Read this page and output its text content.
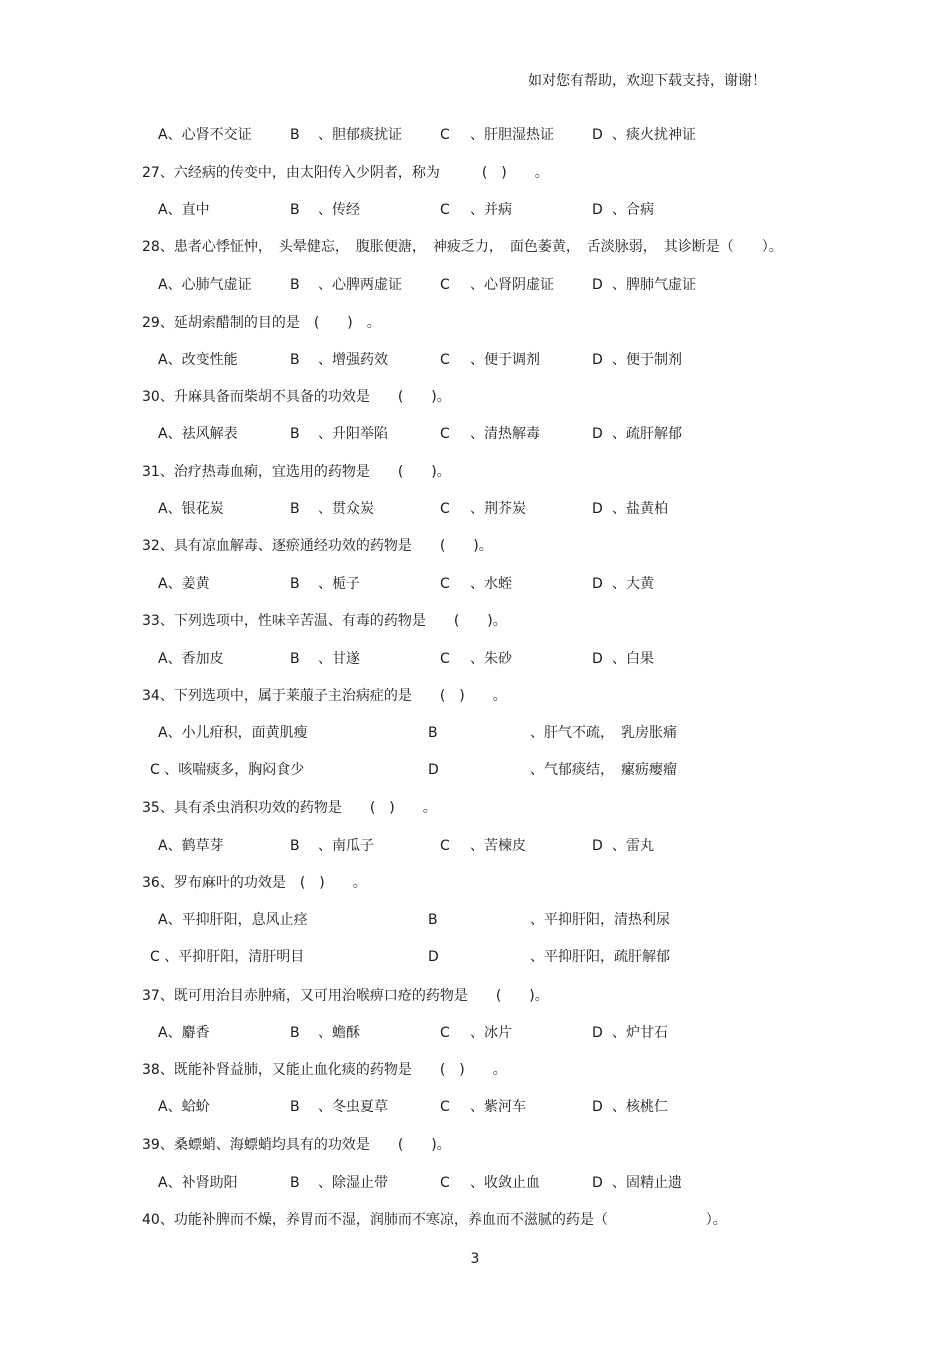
如对您有帮助，欢迎下载支持，谢谢！
A、心肾不交证	B 、胆郁痰扰证	C 、肝胆湿热证	D 、痰火扰神证
27、六经病的传变中，由太阳传入少阴者，称为　　　(　)　　。
A、直中	B 、传经	C 、并病	D 、合病
28、患者心悸怔忡，　头晕健忘，　腹胀便溏，　神疲乏力，　面色萎黄，　舌淡脉弱，　其诊断是（　　）。
A、心肺气虚证	B 、心脾两虚证	C 、心肾阴虚证	D 、脾肺气虚证
29、延胡索醋制的目的是　(　　)　。
A、改变性能	B 、增强药效	C 、便于调剂	D 、便于制剂
30、升麻具备而柴胡不具备的功效是　　(　　)。
A、祛风解表	B 、升阳举陷	C 、清热解毒	D 、疏肝解郁
31、治疗热毒血痢，宜选用的药物是　　(　　)。
A、银花炭	B 、贯众炭	C 、荆芥炭	D 、盐黄柏
32、具有凉血解毒、逐瘀通经功效的药物是　　(　　)。
A、姜黄	B 、栀子	C 、水蛭	D 、大黄
33、下列选项中，性味辛苦温、有毒的药物是　　(　　)。
A、香加皮	B 、甘遂	C 、朱砂	D 、白果
34、下列选项中，属于莱菔子主治病症的是　　(　)　　。
A、小儿疳积，面黄肌瘦	B	、肝气不疏，　乳房胀痛
C 、咳喘痰多，胸闷食少	D	、气郁痰结，　瘰疬瘿瘤
35、具有杀虫消积功效的药物是　　(　)　　。
A、鹤草芽	B 、南瓜子	C 、苦楝皮	D 、雷丸
36、罗布麻叶的功效是　(　)　　。
A、平抑肝阳，息风止痉	B	、平抑肝阳，清热利尿
C 、平抑肝阳，清肝明目	D	、平抑肝阳，疏肝解郁
37、既可用治目赤肿痛，又可用治喉痹口疮的药物是　　(　　)。
A、麝香	B 、蟾酥	C 、冰片	D 、炉甘石
38、既能补肾益肺，又能止血化痰的药物是　　(　)　　。
A、蛤蚧	B 、冬虫夏草	C 、紫河车	D 、核桃仁
39、桑螵蛸、海螵蛸均具有的功效是　　(　　)。
A、补肾助阳	B 、除湿止带	C 、收敛止血	D 、固精止遗
40、功能补脾而不燥，养胃而不湿，润肺而不寒凉，养血而不滋腻的药是（　　　　　　　）。
3
